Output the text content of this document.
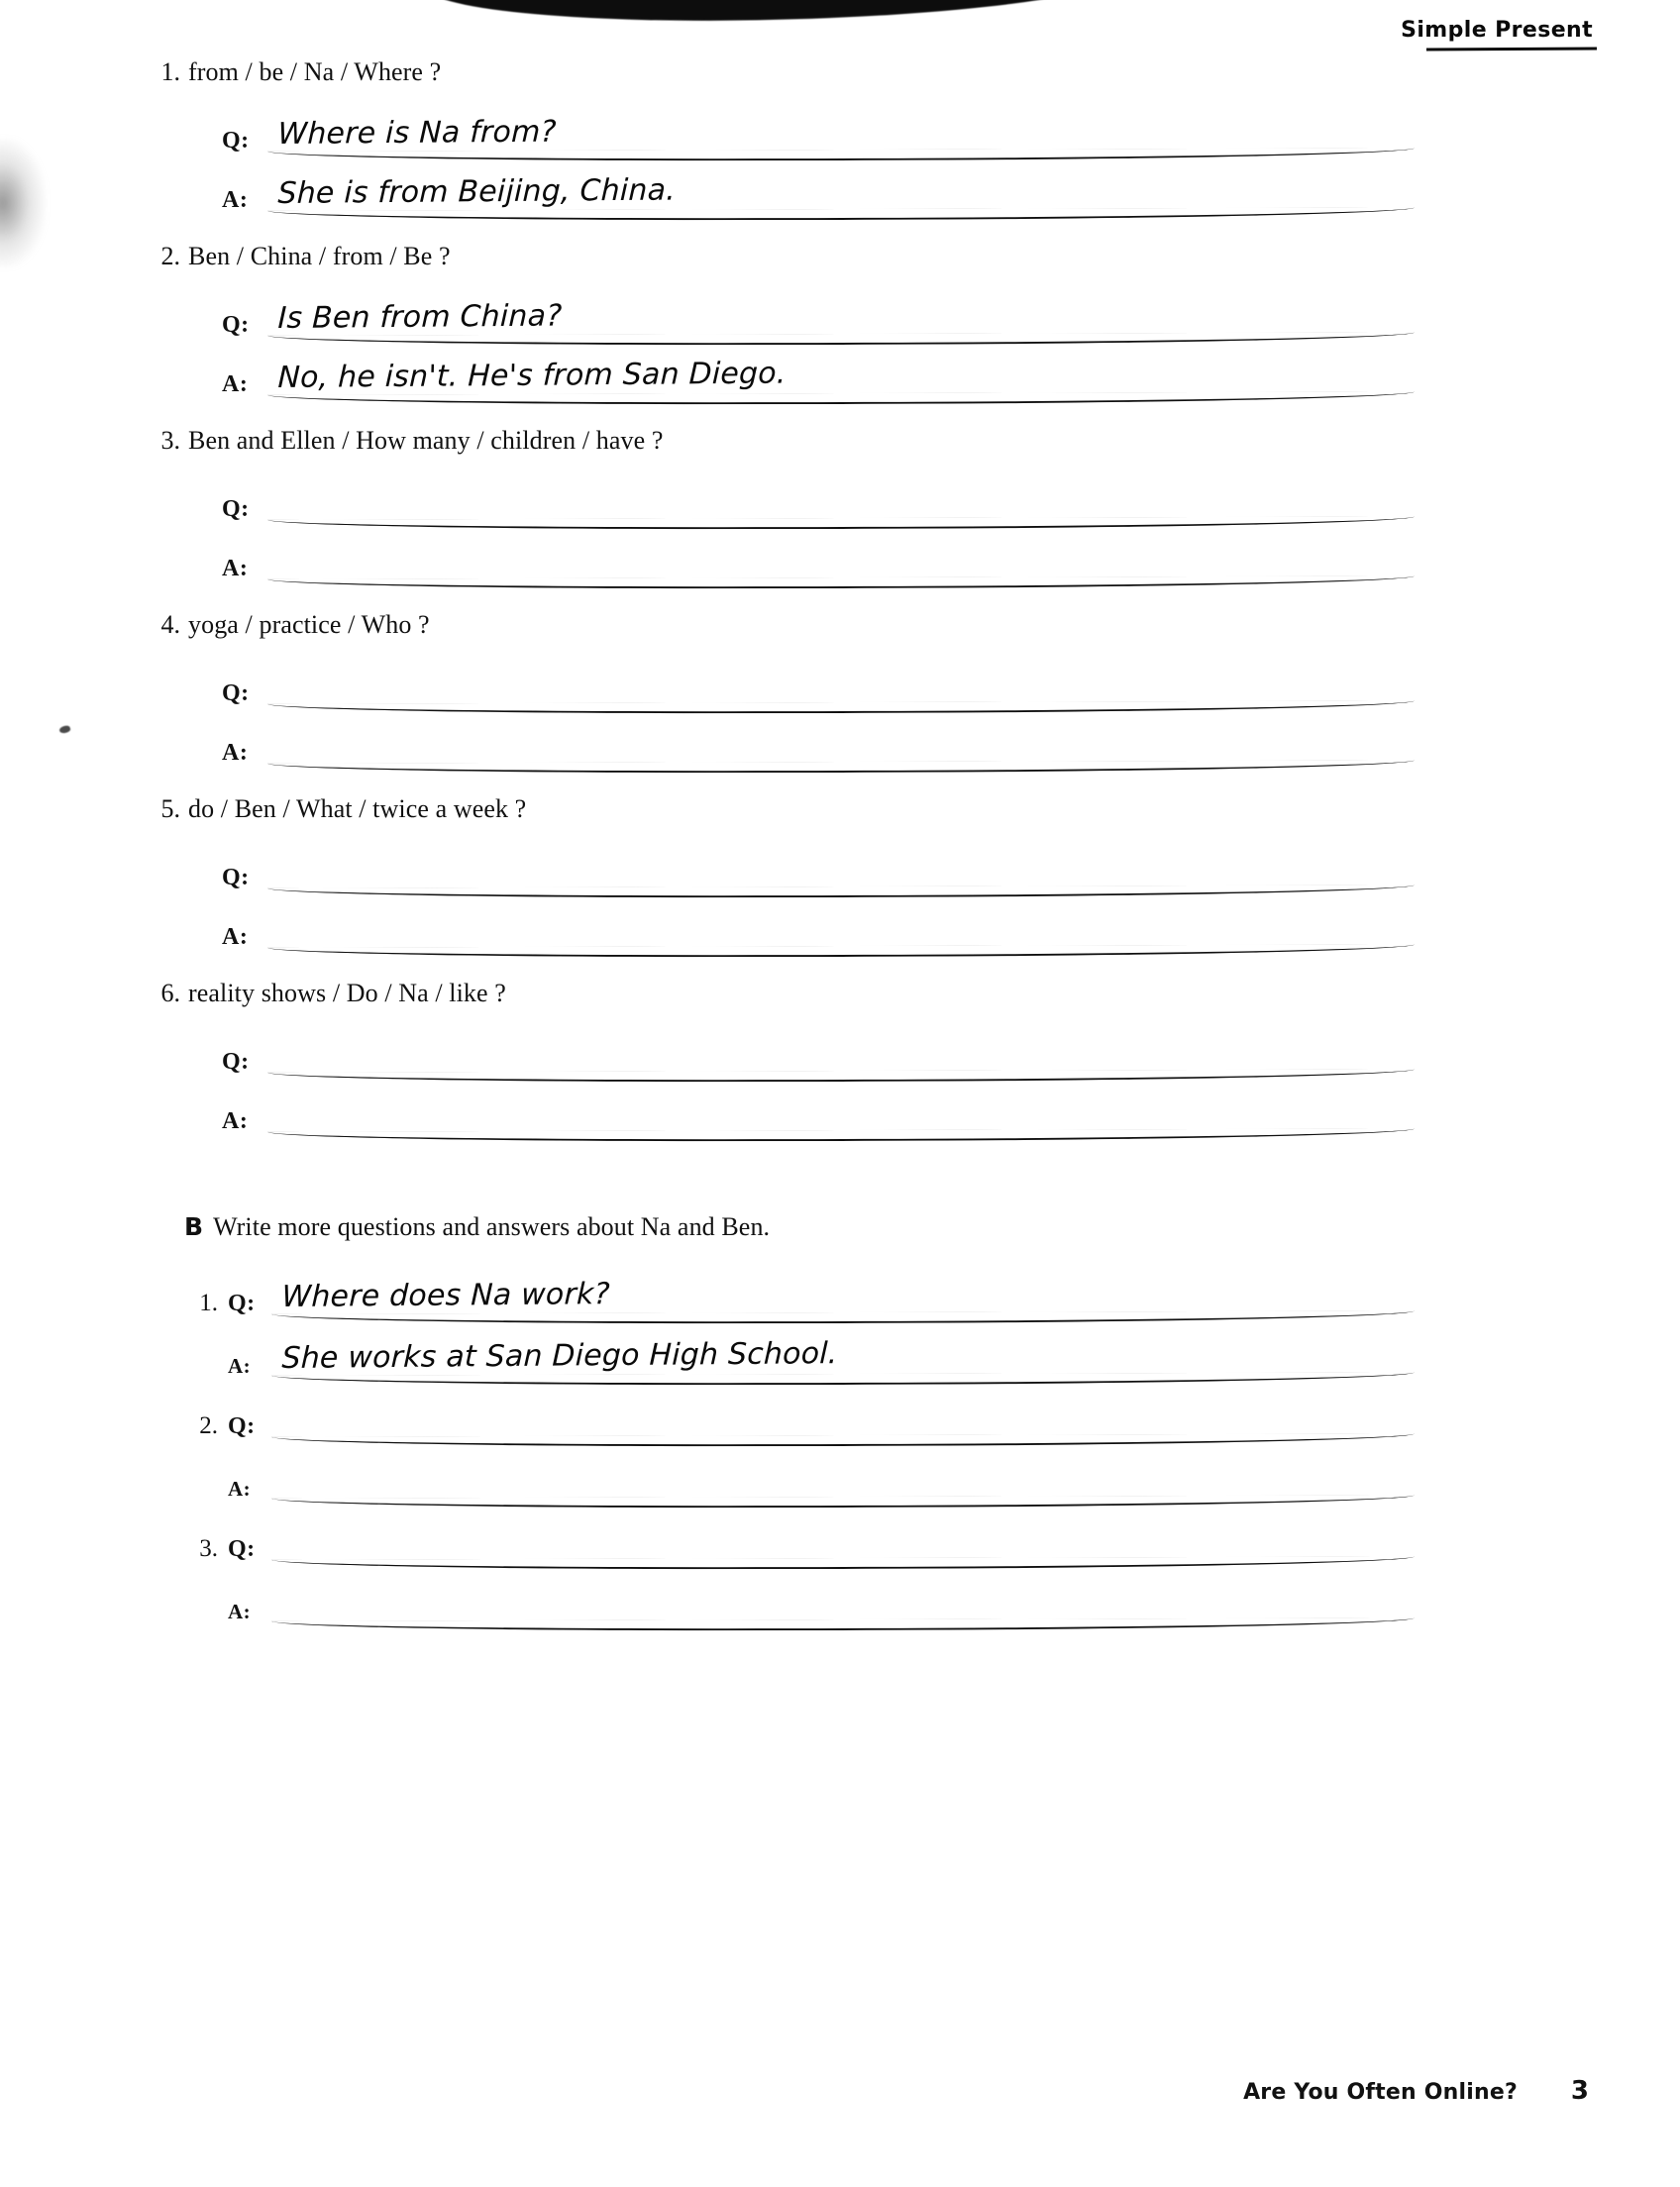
Simple Present
1. from / be / Na / Where ?
Q: Where is Na from?
A: She is from Beijing, China.
2. Ben / China / from / Be ?
Q: Is Ben from China?
A: No, he isn't. He's from San Diego.
3. Ben and Ellen / How many / children / have ?
Q:
A:
4. yoga / practice / Who ?
Q:
A:
5. do / Ben / What / twice a week ?
Q:
A:
6. reality shows / Do / Na / like ?
Q:
A:
B Write more questions and answers about Na and Ben.
1. Q: Where does Na work?
A:	She works at San Diego High School.
2. Q:
A:
3. Q:
A:
Are You Often Online? 3
